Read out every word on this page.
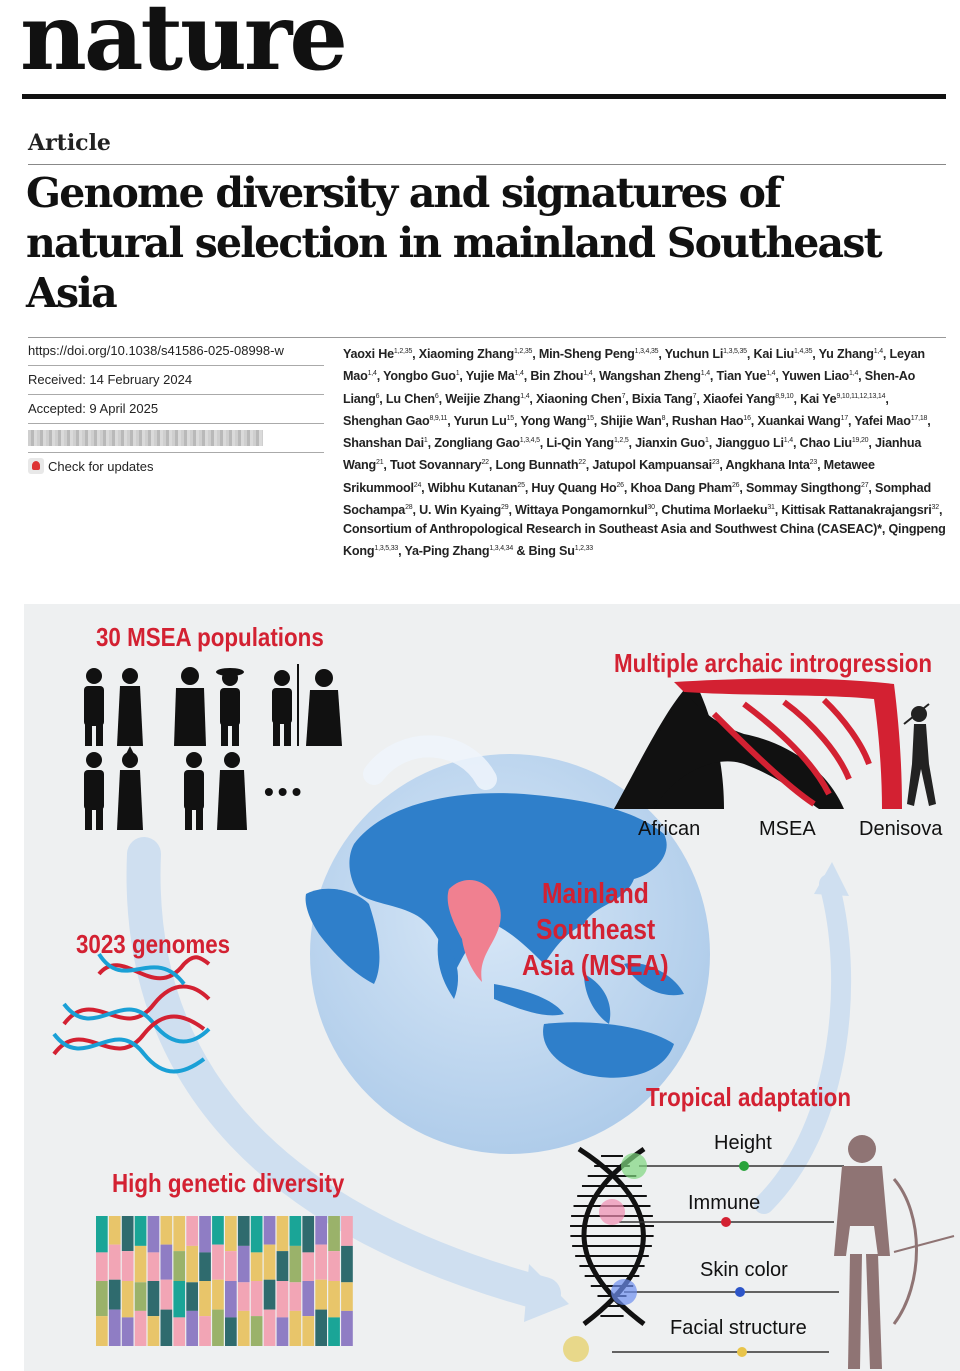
nature
Article
Genome diversity and signatures of natural selection in mainland Southeast Asia
https://doi.org/10.1038/s41586-025-08998-w
Received: 14 February 2024
Accepted: 9 April 2025
Check for updates
Yaoxi He$^{1,2,35}$, Xiaoming Zhang$^{1,2,35}$, Min-Sheng Peng$^{1,3,4,35}$, Yuchun Li$^{1,3,5,35}$, Kai Liu$^{1,4,35}$, Yu Zhang$^{1,4}$, Leyan Mao$^{1,4}$, Yongbo Guo$^1$, Yujie Ma$^{1,4}$, Bin Zhou$^{1,4}$, Wangshan Zheng$^{1,4}$, Tian Yue$^{1,4}$, Yuwen Liao$^{1,4}$, Shen-Ao Liang$^6$, Lu Chen$^6$, Weijie Zhang$^{1,4}$, Xiaoning Chen$^7$, Bixia Tang$^7$, Xiaofei Yang$^{8,9,10}$, Kai Ye$^{9,10,11,12,13,14}$, Shenghan Gao$^{8,9,11}$, Yurun Lu$^{15}$, Yong Wang$^{15}$, Shijie Wan$^8$, Rushan Hao$^{16}$, Xuankai Wang$^{17}$, Yafei Mao$^{17,18}$, Shanshan Dai$^1$, Zongliang Gao$^{1,3,4,5}$, Li-Qin Yang$^{1,2,5}$, Jianxin Guo$^1$, Jiangguo Li$^{1,4}$, Chao Liu$^{19,20}$, Jianhua Wang$^{21}$, Tuot Sovannary$^{22}$, Long Bunnath$^{22}$, Jatupol Kampuansai$^{23}$, Angkhana Inta$^{23}$, Metawee Srikummool$^{24}$, Wibhu Kutanan$^{25}$, Huy Quang Ho$^{26}$, Khoa Dang Pham$^{26}$, Sommay Singthong$^{27}$, Somphad Sochampa$^{28}$, U. Win Kyaing$^{29}$, Wittaya Pongamornkul$^{30}$, Chutima Morlaeku$^{31}$, Kittisak Rattanakrajangsri$^{32}$, Consortium of Anthropological Research in Southeast Asia and Southwest China (CASEAC)*, Qingpeng Kong$^{1,3,5,33}$, Ya-Ping Zhang$^{1,3,4,34}$ & Bing Su$^{1,2,33}$
30 MSEA populations
•••
3023 genomes
High genetic diversity
Multiple archaic introgression
African	MSEA Denisova
Mainland
Southeast
Asia (MSEA)
Tropical adaptation
Height
Immune
Skin color
Facial structure
